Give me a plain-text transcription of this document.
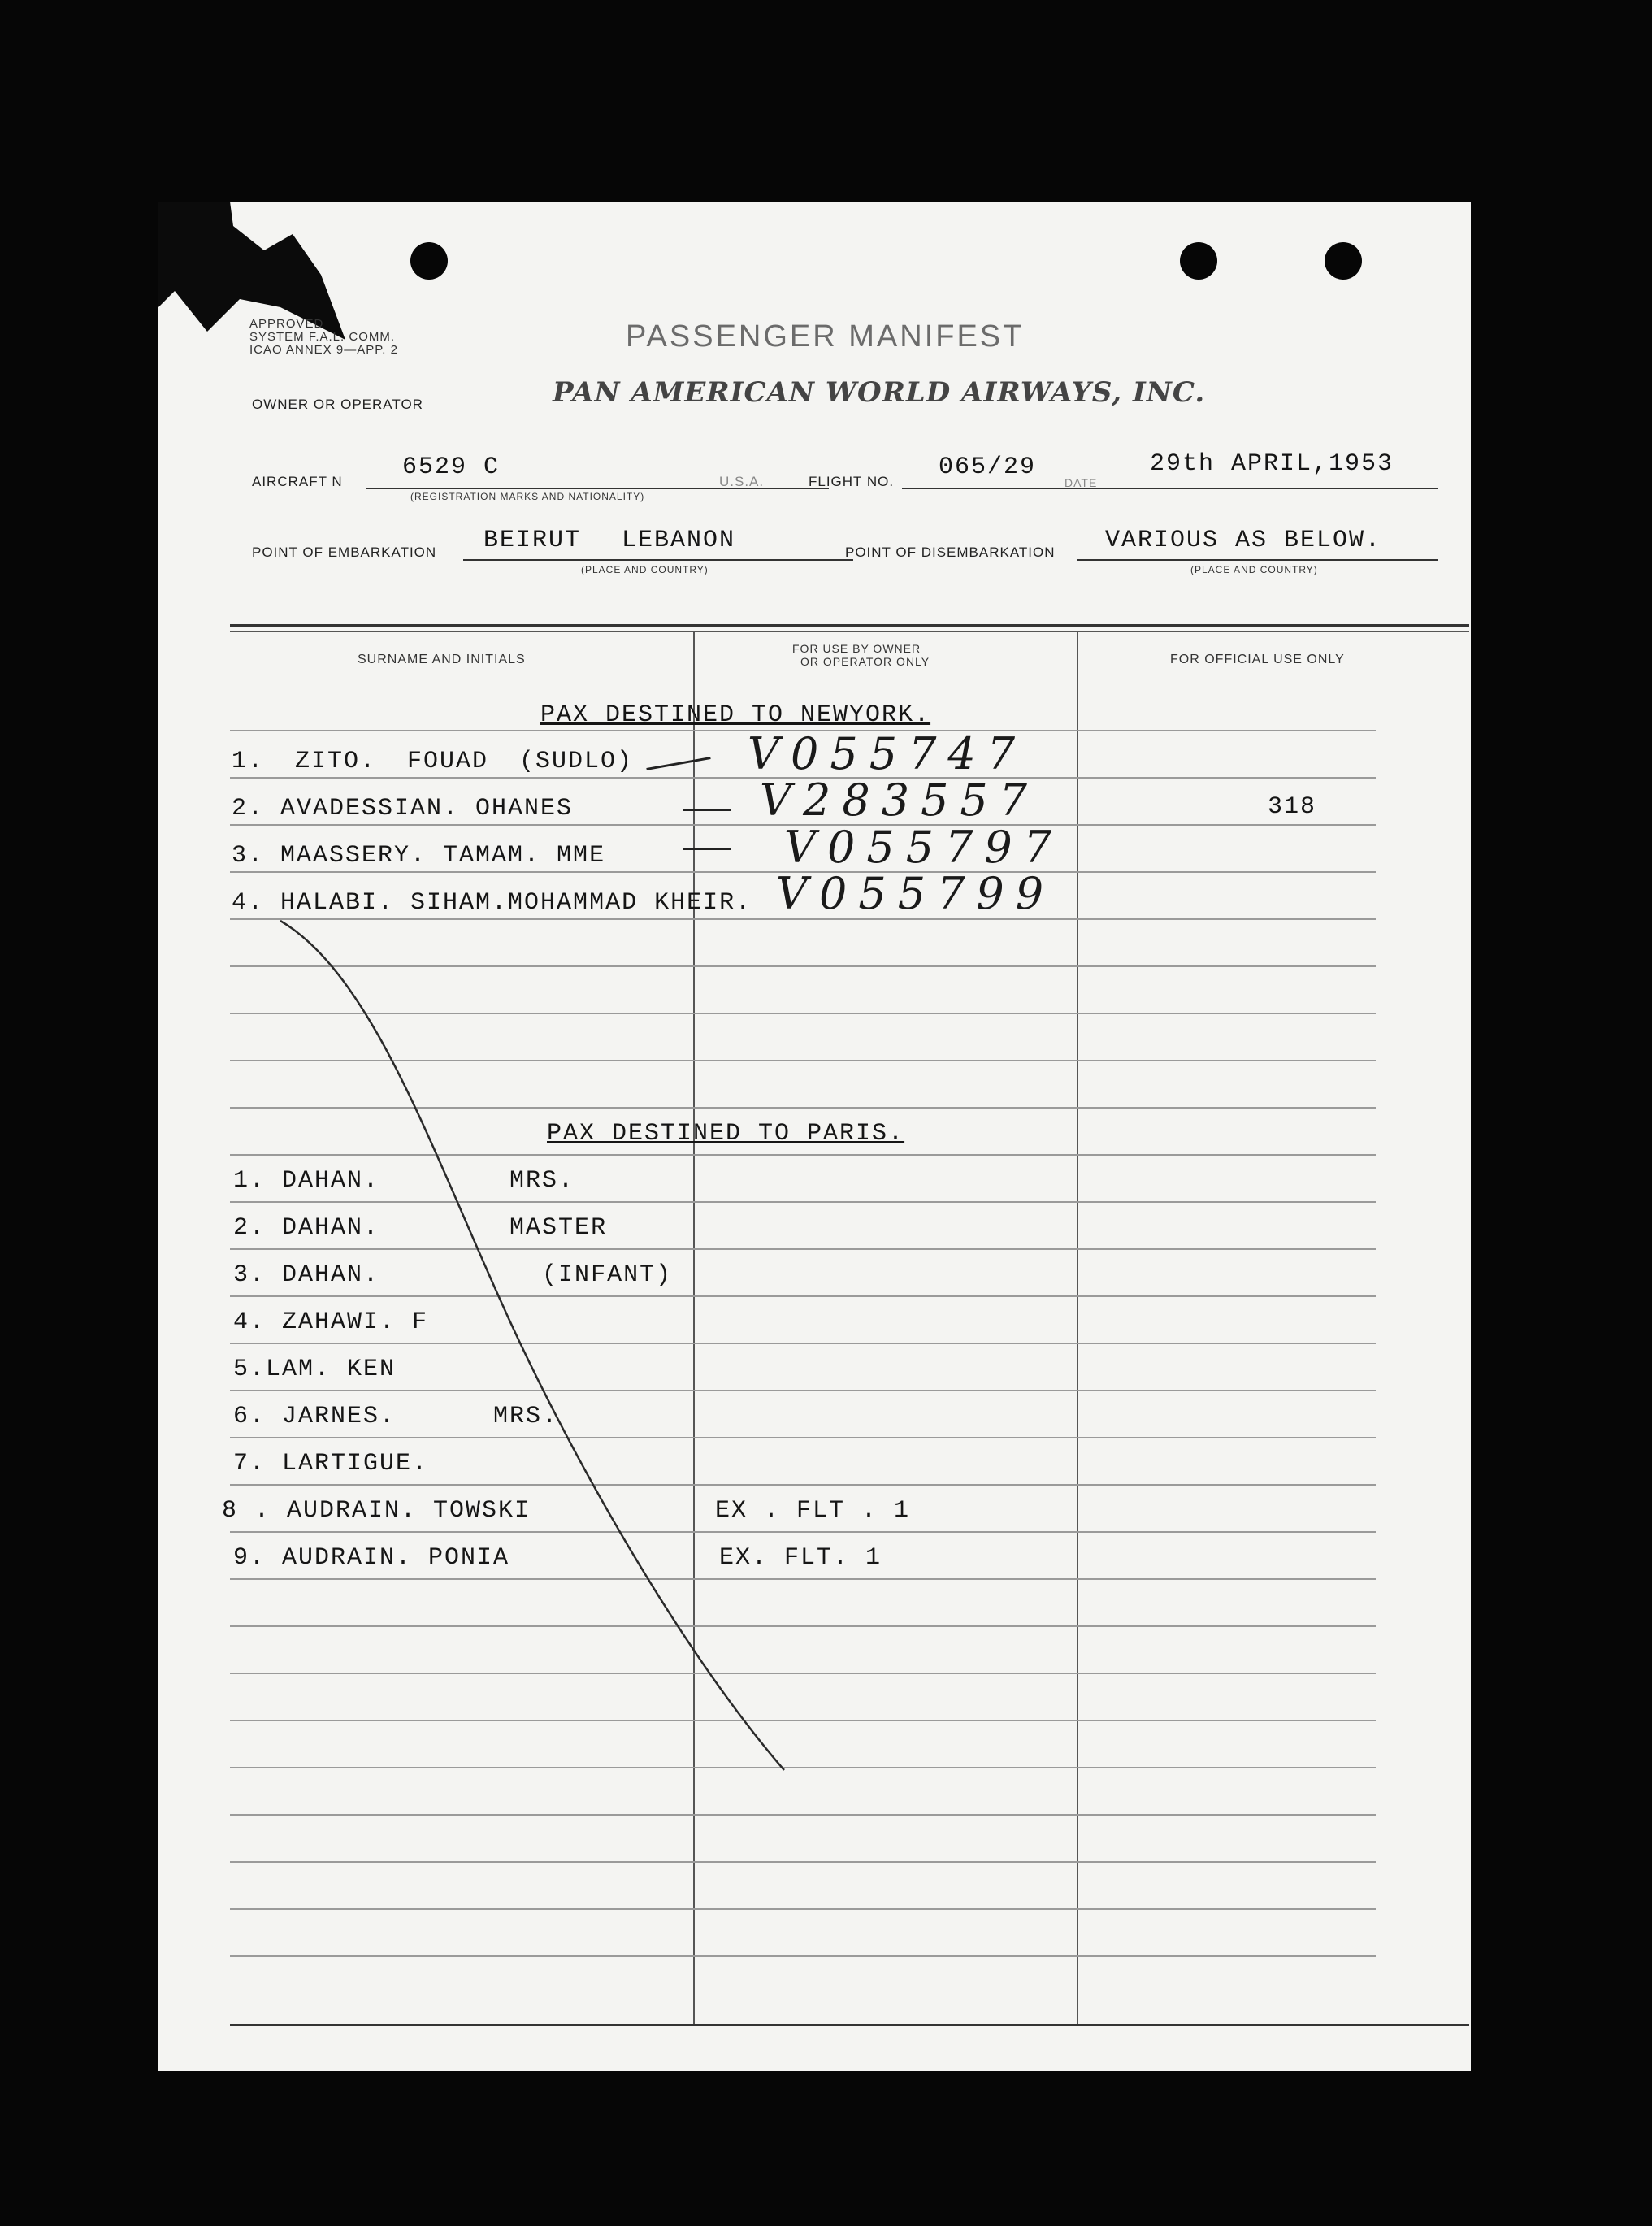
APPROVED
SYSTEM F.A.L. COMM.
ICAO ANNEX 9—APP. 2	PASSENGER MANIFEST
OWNER OR OPERATOR	PAN AMERICAN WORLD AIRWAYS, INC.
AIRCRAFT N
6529 C
(REGISTRATION MARKS AND NATIONALITY)
U.S.A.	FLIGHT NO.
065/29
DATE
29th APRIL,1953
POINT OF EMBARKATION BEIRUT LEBANON
(PLACE AND COUNTRY)
POINT OF DISEMBARKATION VARIOUS AS BELOW.
(PLACE AND COUNTRY)
SURNAME AND INITIALS
FOR USE BY OWNER
OR OPERATOR ONLY	FOR OFFICIAL USE ONLY
PAX DESTINED TO NEWYORK.
1. ZITO. FOUAD (SUDLO)	V055747
2. AVADESSIAN. OHANES	V283557	318
3. MAASSERY. TAMAM. MME	V055797
4. HALABI. SIHAM.MOHAMMAD KHEIR. V055799
PAX DESTINED TO PARIS.
1. DAHAN.        MRS.
2. DAHAN.        MASTER
3. DAHAN.          (INFANT)
4. ZAHAWI. F
5.LAM. KEN
6. JARNES.      MRS.
7. LARTIGUE.
8 . AUDRAIN. TOWSKI	EX . FLT . 1
9. AUDRAIN. PONIA	EX. FLT. 1
